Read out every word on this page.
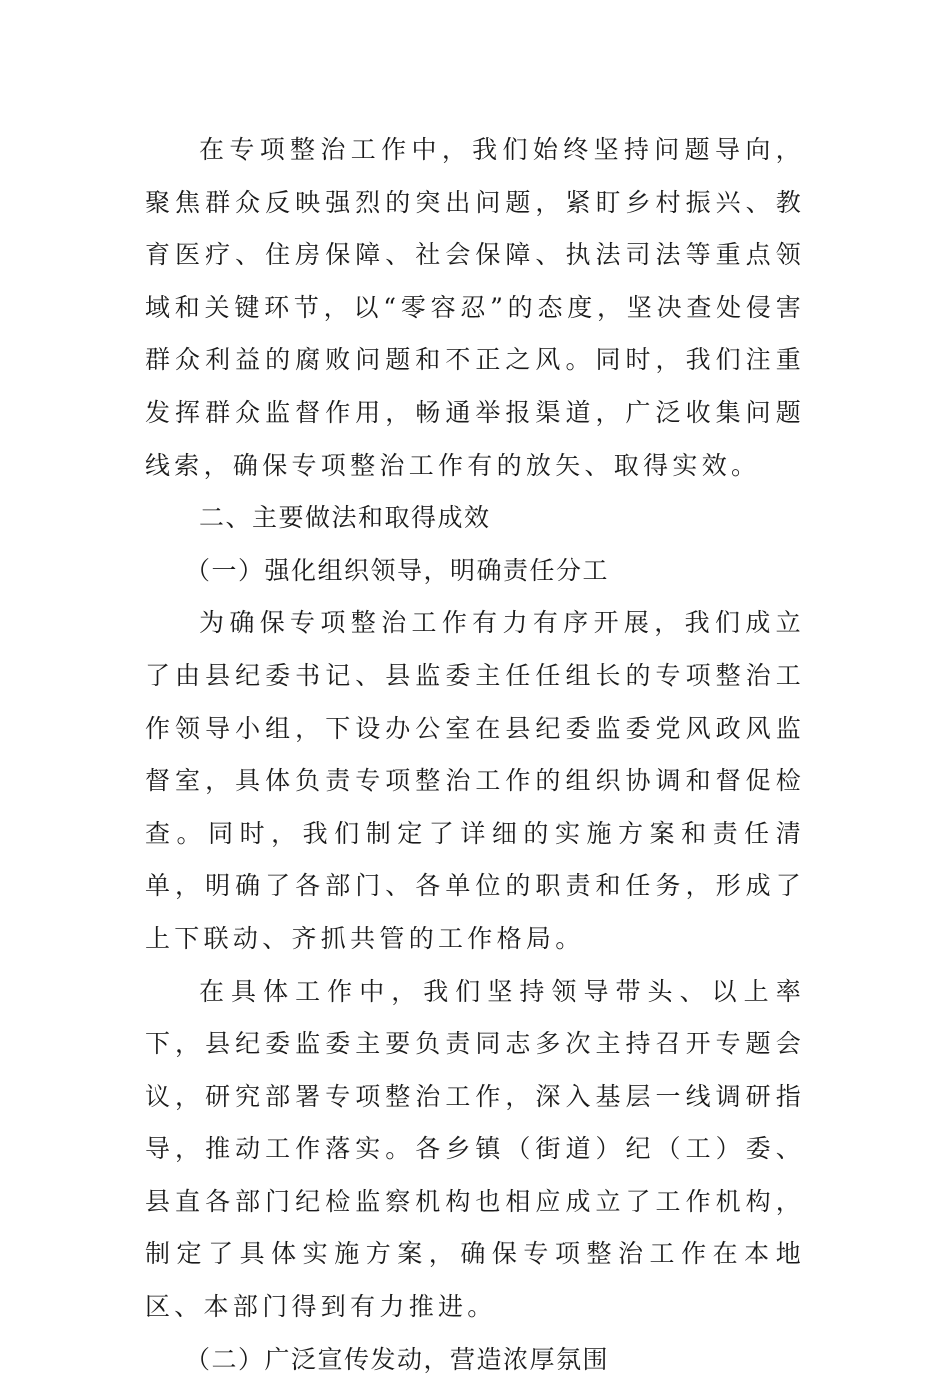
在专项整治工作中，我们始终坚持问题导向，聚焦群众反映强烈的突出问题，紧盯乡村振兴、教育医疗、住房保障、社会保障、执法司法等重点领域和关键环节，以“零容忍”的态度，坚决查处侵害群众利益的腐败问题和不正之风。同时，我们注重发挥群众监督作用，畅通举报渠道，广泛收集问题线索，确保专项整治工作有的放矢、取得实效。

二、主要做法和取得成效

（一）强化组织领导，明确责任分工

为确保专项整治工作有力有序开展，我们成立了由县纪委书记、县监委主任任组长的专项整治工作领导小组，下设办公室在县纪委监委党风政风监督室，具体负责专项整治工作的组织协调和督促检查。同时，我们制定了详细的实施方案和责任清单，明确了各部门、各单位的职责和任务，形成了上下联动、齐抓共管的工作格局。

在具体工作中，我们坚持领导带头、以上率下，县纪委监委主要负责同志多次主持召开专题会议，研究部署专项整治工作，深入基层一线调研指导，推动工作落实。各乡镇（街道）纪（工）委、县直各部门纪检监察机构也相应成立了工作机构，制定了具体实施方案，确保专项整治工作在本地区、本部门得到有力推进。

（二）广泛宣传发动，营造浓厚氛围
